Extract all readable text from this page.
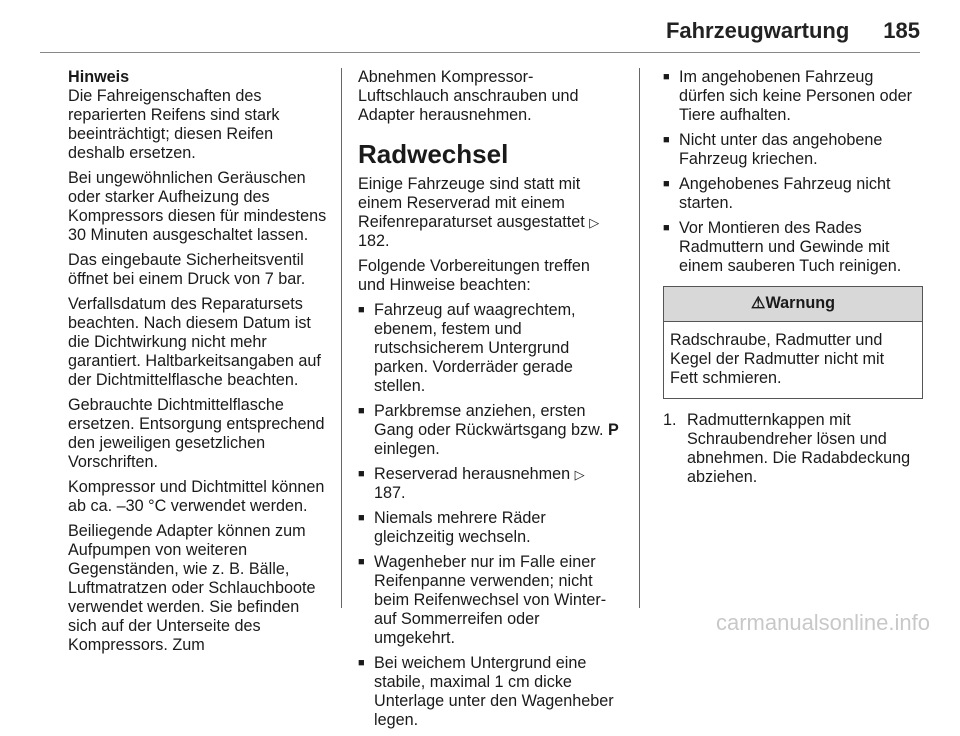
Fahrzeugwartung 185

Hinweis
Die Fahreigenschaften des reparierten Reifens sind stark beeinträchtigt; diesen Reifen deshalb ersetzen.

Bei ungewöhnlichen Geräuschen oder starker Aufheizung des Kompressors diesen für mindestens 30 Minuten ausgeschaltet lassen.

Das eingebaute Sicherheitsventil öffnet bei einem Druck von 7 bar.

Verfallsdatum des Reparatursets beachten. Nach diesem Datum ist die Dichtwirkung nicht mehr garantiert. Haltbarkeitsangaben auf der Dichtmittelflasche beachten.

Gebrauchte Dichtmittelflasche ersetzen. Entsorgung entsprechend den jeweiligen gesetzlichen Vorschriften.

Kompressor und Dichtmittel können ab ca. –30 °C verwendet werden.

Beiliegende Adapter können zum Aufpumpen von weiteren Gegenständen, wie z. B. Bälle, Luftmatratzen oder Schlauchboote verwendet werden. Sie befinden sich auf der Unterseite des Kompressors. Zum

Abnehmen Kompressor-Luftschlauch anschrauben und Adapter herausnehmen.

Radwechsel

Einige Fahrzeuge sind statt mit einem Reserverad mit einem Reifenreparaturset ausgestattet ▷ 182.

Folgende Vorbereitungen treffen und Hinweise beachten:

■ Fahrzeug auf waagrechtem, ebenem, festem und rutschsicherem Untergrund parken. Vorderräder gerade stellen.
■ Parkbremse anziehen, ersten Gang oder Rückwärtsgang bzw. P einlegen.
■ Reserverad herausnehmen ▷ 187.
■ Niemals mehrere Räder gleichzeitig wechseln.
■ Wagenheber nur im Falle einer Reifenpanne verwenden; nicht beim Reifenwechsel von Winter- auf Sommerreifen oder umgekehrt.
■ Bei weichem Untergrund eine stabile, maximal 1 cm dicke Unterlage unter den Wagenheber legen.
■ Im angehobenen Fahrzeug dürfen sich keine Personen oder Tiere aufhalten.
■ Nicht unter das angehobene Fahrzeug kriechen.
■ Angehobenes Fahrzeug nicht starten.
■ Vor Montieren des Rades Radmuttern und Gewinde mit einem sauberen Tuch reinigen.
⚠Warnung
Radschraube, Radmutter und Kegel der Radmutter nicht mit Fett schmieren.
1. Radmutternkappen mit Schraubendreher lösen und abnehmen. Die Radabdeckung abziehen.
carmanualsonline.info
